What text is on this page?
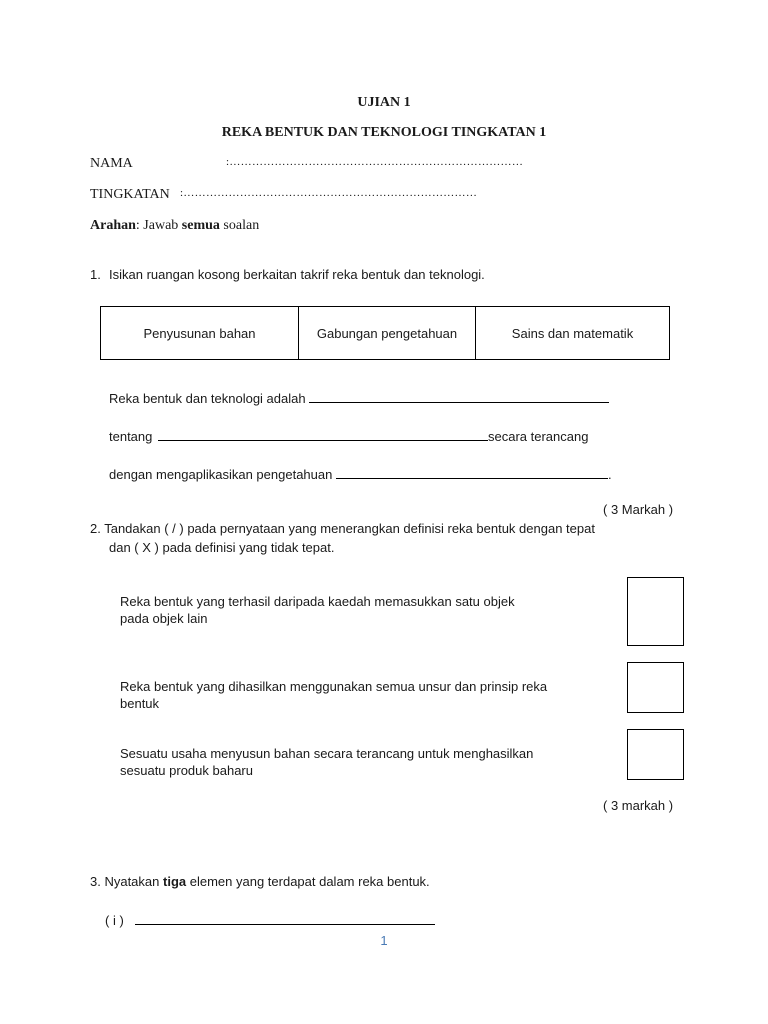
UJIAN 1
REKA BENTUK DAN TEKNOLOGI TINGKATAN 1
NAMA	:……………………………………………………………………
TINGKATAN :……………………………………………………………………
Arahan: Jawab semua soalan
1. Isikan ruangan kosong berkaitan takrif reka bentuk dan teknologi.
Penyusunan bahan	Gabungan pengetahuan	Sains dan matematik
Reka bentuk dan teknologi adalah
tentang	secara terancang
dengan mengaplikasikan pengetahuan	.
( 3 Markah )
2. Tandakan ( / ) pada pernyataan yang menerangkan definisi reka bentuk dengan tepat
dan ( X ) pada definisi yang tidak tepat.
Reka bentuk yang terhasil daripada kaedah memasukkan satu objek
pada objek lain
Reka bentuk yang dihasilkan menggunakan semua unsur dan prinsip reka
bentuk
Sesuatu usaha menyusun bahan secara terancang untuk menghasilkan
sesuatu produk baharu
( 3 markah )
3. Nyatakan tiga elemen yang terdapat dalam reka bentuk.
( i )
1
